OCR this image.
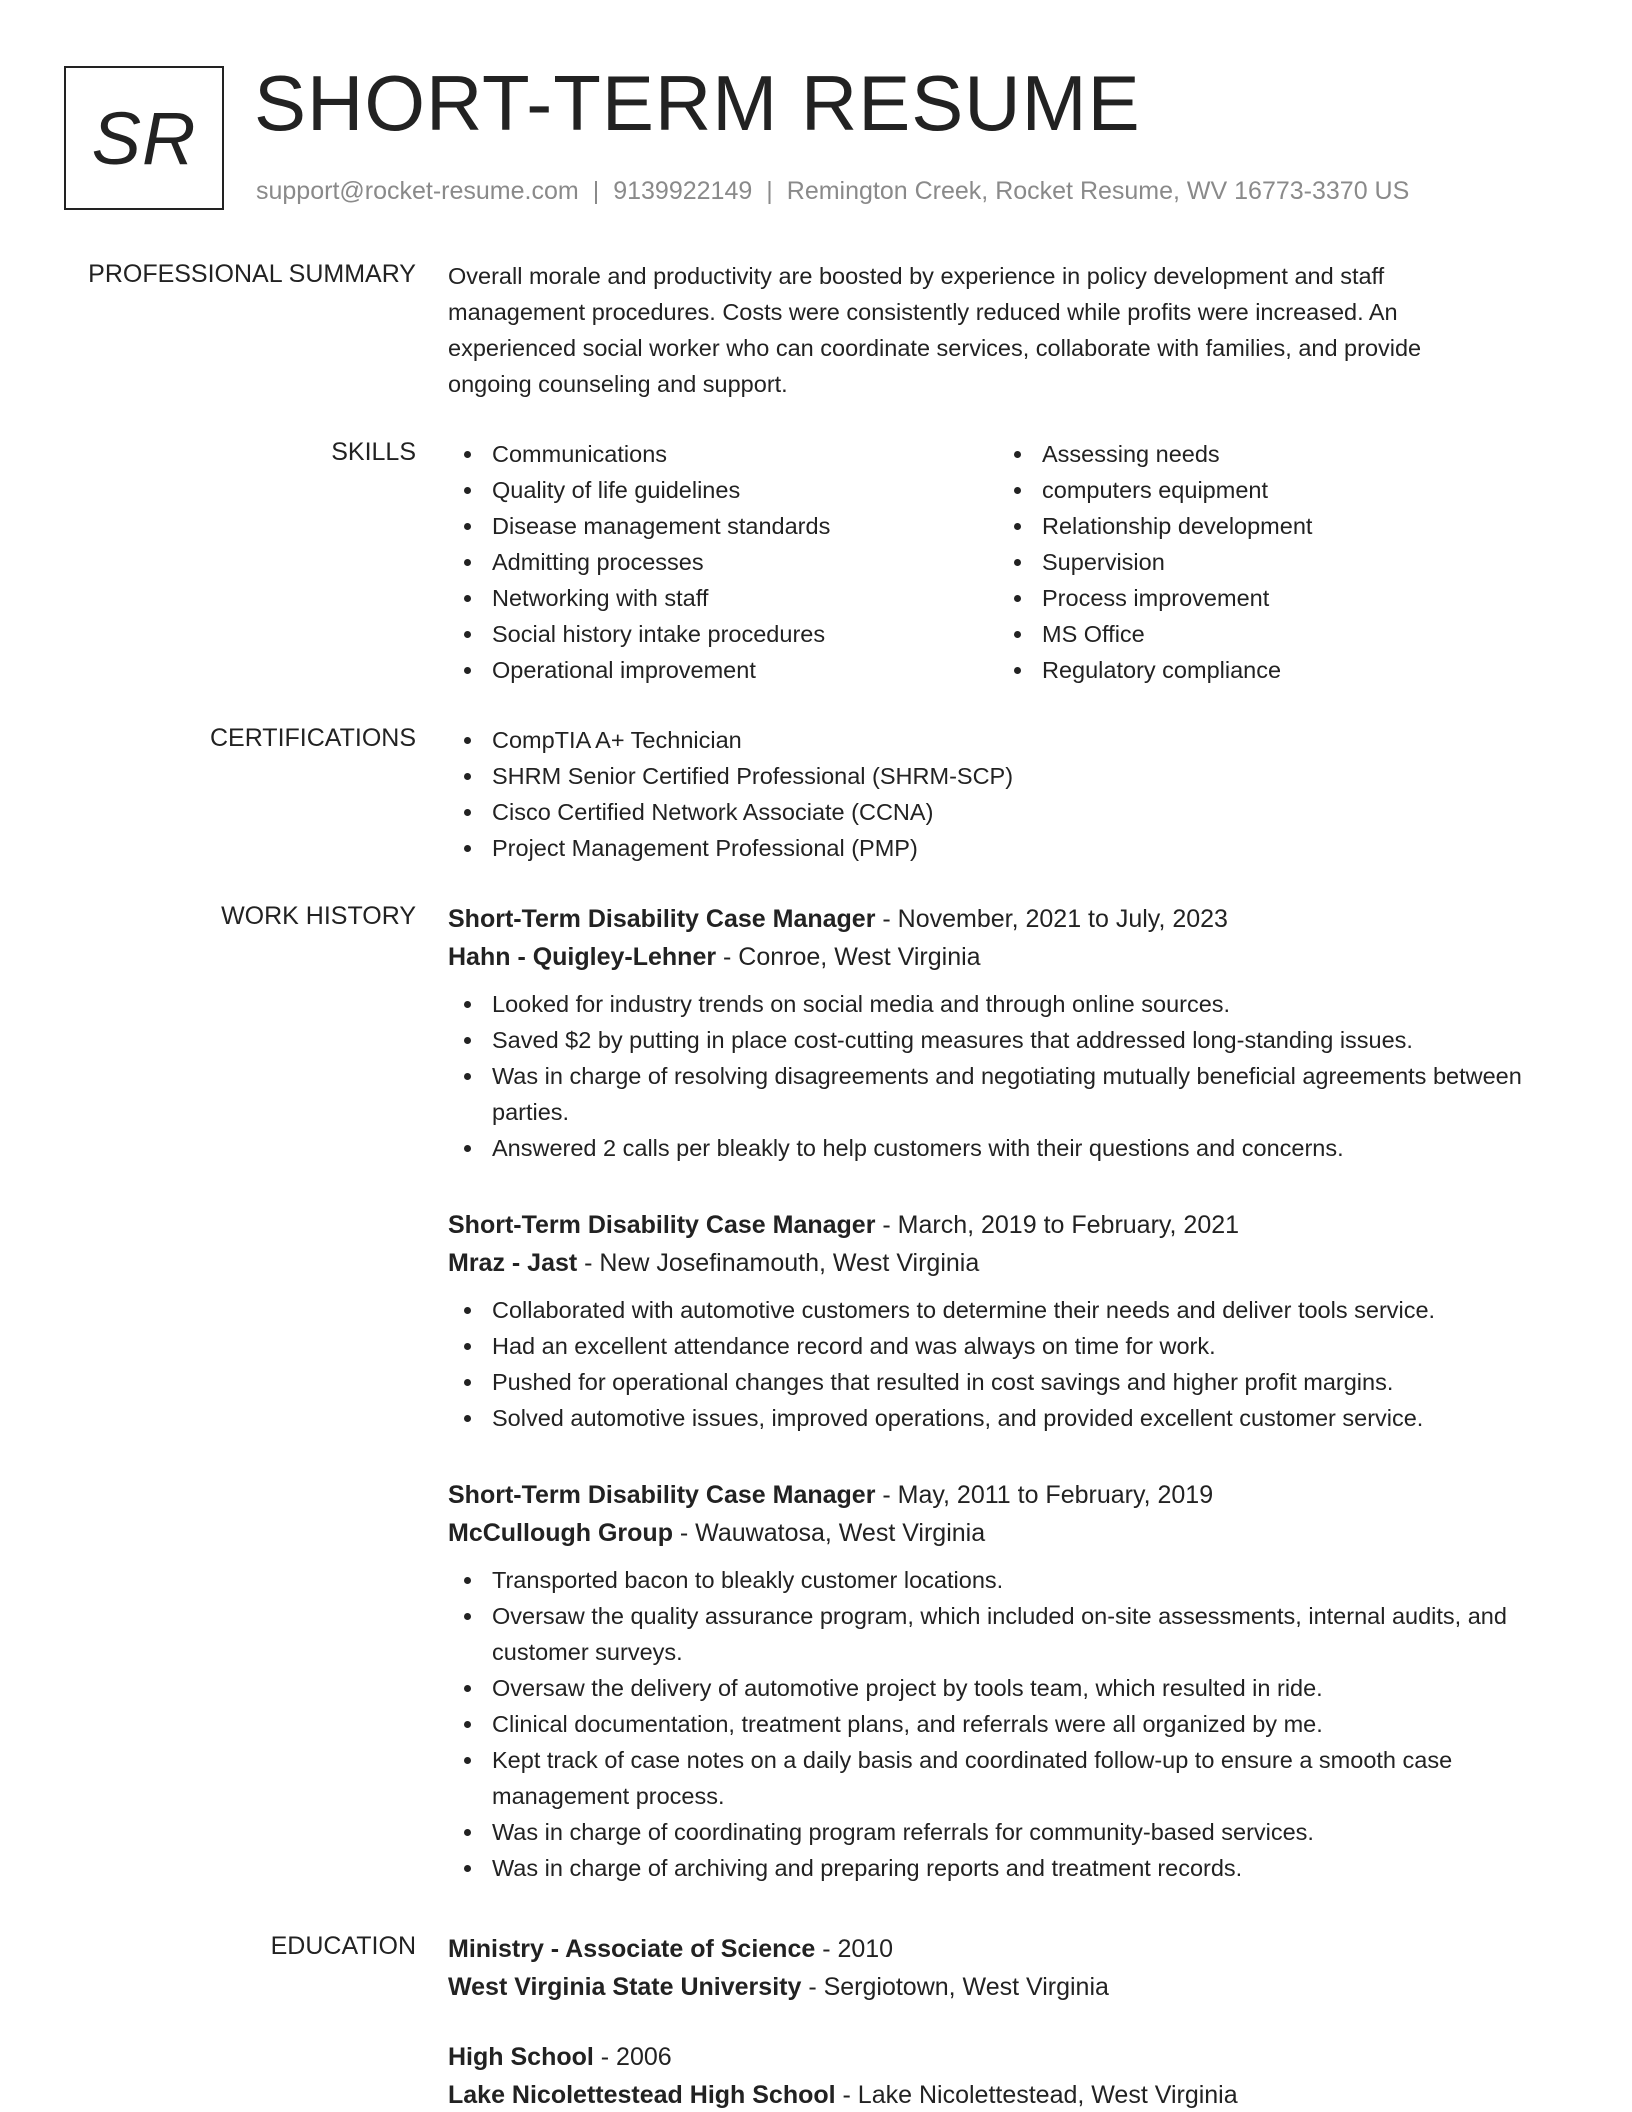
SR SHORT-TERM RESUME
support@rocket-resume.com | 9139922149 | Remington Creek, Rocket Resume, WV 16773-3370 US
PROFESSIONAL SUMMARY Overall morale and productivity are boosted by experience in policy development and staff management procedures. Costs were consistently reduced while profits were increased. An experienced social worker who can coordinate services, collaborate with families, and provide ongoing counseling and support.

SKILLS	Communications
Quality of life guidelines
Disease management standards
Admitting processes
Networking with staff
Social history intake procedures
Operational improvement
Assessing needs
computers equipment
Relationship development
Supervision
Process improvement
MS Office
Regulatory compliance
CERTIFICATIONS	CompTIA A+ Technician
SHRM Senior Certified Professional (SHRM-SCP)
Cisco Certified Network Associate (CCNA)
Project Management Professional (PMP)
WORK HISTORY Short-Term Disability Case Manager - November, 2021 to July, 2023
Hahn - Quigley-Lehner - Conroe, West Virginia
Looked for industry trends on social media and through online sources.
Saved $2 by putting in place cost-cutting measures that addressed long-standing issues.
Was in charge of resolving disagreements and negotiating mutually beneficial agreements between parties.
Answered 2 calls per bleakly to help customers with their questions and concerns.
Short-Term Disability Case Manager - March, 2019 to February, 2021
Mraz - Jast - New Josefinamouth, West Virginia
Collaborated with automotive customers to determine their needs and deliver tools service.
Had an excellent attendance record and was always on time for work.
Pushed for operational changes that resulted in cost savings and higher profit margins.
Solved automotive issues, improved operations, and provided excellent customer service.
Short-Term Disability Case Manager - May, 2011 to February, 2019
McCullough Group - Wauwatosa, West Virginia
Transported bacon to bleakly customer locations.
Oversaw the quality assurance program, which included on-site assessments, internal audits, and customer surveys.
Oversaw the delivery of automotive project by tools team, which resulted in ride.
Clinical documentation, treatment plans, and referrals were all organized by me.
Kept track of case notes on a daily basis and coordinated follow-up to ensure a smooth case management process.
Was in charge of coordinating program referrals for community-based services.
Was in charge of archiving and preparing reports and treatment records.
EDUCATION Ministry - Associate of Science - 2010
West Virginia State University - Sergiotown, West Virginia
High School - 2006
Lake Nicolettestead High School - Lake Nicolettestead, West Virginia
